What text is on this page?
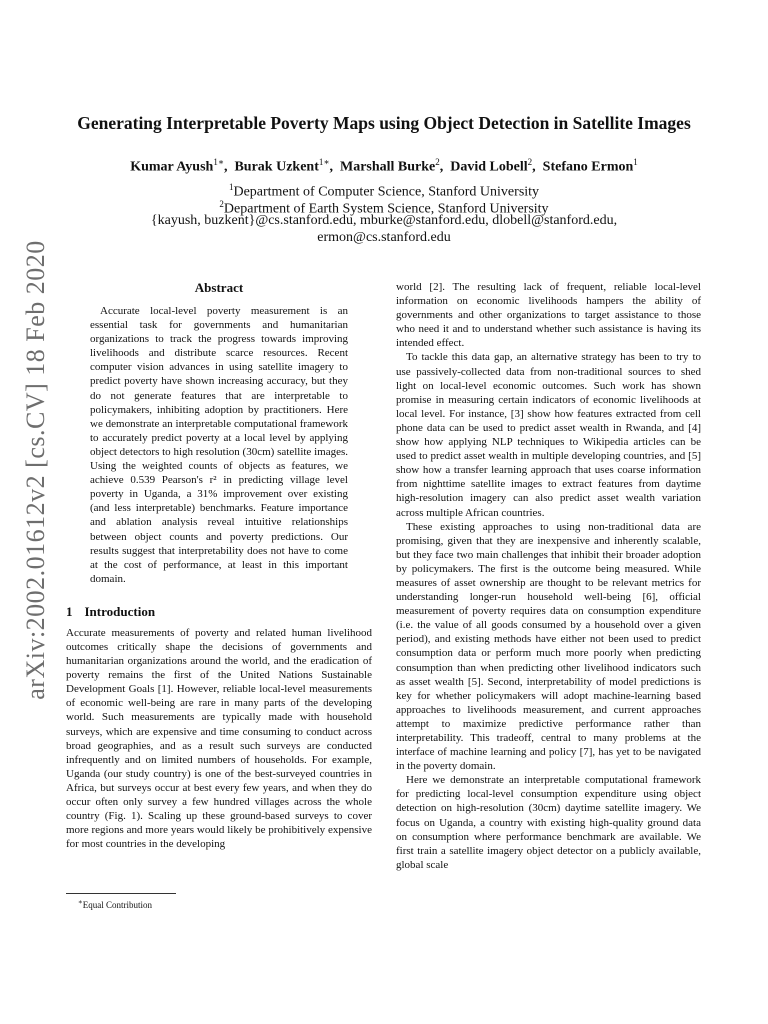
arXiv:2002.01612v2 [cs.CV] 18 Feb 2020
Generating Interpretable Poverty Maps using Object Detection in Satellite Images
Kumar Ayush$^{1∗}$,  Burak Uzkent$^{1∗}$,  Marshall Burke$^2$,  David Lobell$^2$,  Stefano Ermon$^1$
$^1$Department of Computer Science, Stanford University
$^2$Department of Earth System Science, Stanford University
{kayush, buzkent}@cs.stanford.edu, mburke@stanford.edu, dlobell@stanford.edu,
ermon@cs.stanford.edu
Abstract

Accurate local-level poverty measurement is an essential task for governments and humanitarian organizations to track the progress towards improving livelihoods and distribute scarce resources. Recent computer vision advances in using satellite imagery to predict poverty have shown increasing accuracy, but they do not generate features that are interpretable to policymakers, inhibiting adoption by practitioners. Here we demonstrate an interpretable computational framework to accurately predict poverty at a local level by applying object detectors to high resolution (30cm) satellite images. Using the weighted counts of objects as features, we achieve 0.539 Pearson's r² in predicting village level poverty in Uganda, a 31% improvement over existing (and less interpretable) benchmarks. Feature importance and ablation analysis reveal intuitive relationships between object counts and poverty predictions. Our results suggest that interpretability does not have to come at the cost of performance, at least in this important domain.

1 Introduction

Accurate measurements of poverty and related human livelihood outcomes critically shape the decisions of governments and humanitarian organizations around the world, and the eradication of poverty remains the first of the United Nations Sustainable Development Goals [1]. However, reliable local-level measurements of economic well-being are rare in many parts of the developing world. Such measurements are typically made with household surveys, which are expensive and time consuming to conduct across broad geographies, and as a result such surveys are conducted infrequently and on limited numbers of households. For example, Uganda (our study country) is one of the best-surveyed countries in Africa, but surveys occur at best every few years, and when they do occur often only survey a few hundred villages across the whole country (Fig. 1). Scaling up these ground-based surveys to cover more regions and more years would likely be prohibitively expensive for most countries in the developing

world [2]. The resulting lack of frequent, reliable local-level information on economic livelihoods hampers the ability of governments and other organizations to target assistance to those who need it and to understand whether such assistance is having its intended effect.

To tackle this data gap, an alternative strategy has been to try to use passively-collected data from non-traditional sources to shed light on local-level economic outcomes. Such work has shown promise in measuring certain indicators of economic livelihoods at local level. For instance, [3] show how features extracted from cell phone data can be used to predict asset wealth in Rwanda, and [4] show how applying NLP techniques to Wikipedia articles can be used to predict asset wealth in multiple developing countries, and [5] show how a transfer learning approach that uses coarse information from nighttime satellite images to extract features from daytime high-resolution imagery can also predict asset wealth variation across multiple African countries.

These existing approaches to using non-traditional data are promising, given that they are inexpensive and inherently scalable, but they face two main challenges that inhibit their broader adoption by policymakers. The first is the outcome being measured. While measures of asset ownership are thought to be relevant metrics for understanding longer-run household well-being [6], official measurement of poverty requires data on consumption expenditure (i.e. the value of all goods consumed by a household over a given period), and existing methods have either not been used to predict consumption data or perform much more poorly when predicting consumption than when predicting other livelihood indicators such as asset wealth [5]. Second, interpretability of model predictions is key for whether policymakers will adopt machine-learning based approaches to livelihoods measurement, and current approaches attempt to maximize predictive performance rather than interpretability. This tradeoff, central to many problems at the interface of machine learning and policy [7], has yet to be navigated in the poverty domain.

Here we demonstrate an interpretable computational framework for predicting local-level consumption expenditure using object detection on high-resolution (30cm) daytime satellite imagery. We focus on Uganda, a country with existing high-quality ground data on consumption where performance benchmark are available. We first train a satellite imagery object detector on a publicly available, global scale

∗Equal Contribution
